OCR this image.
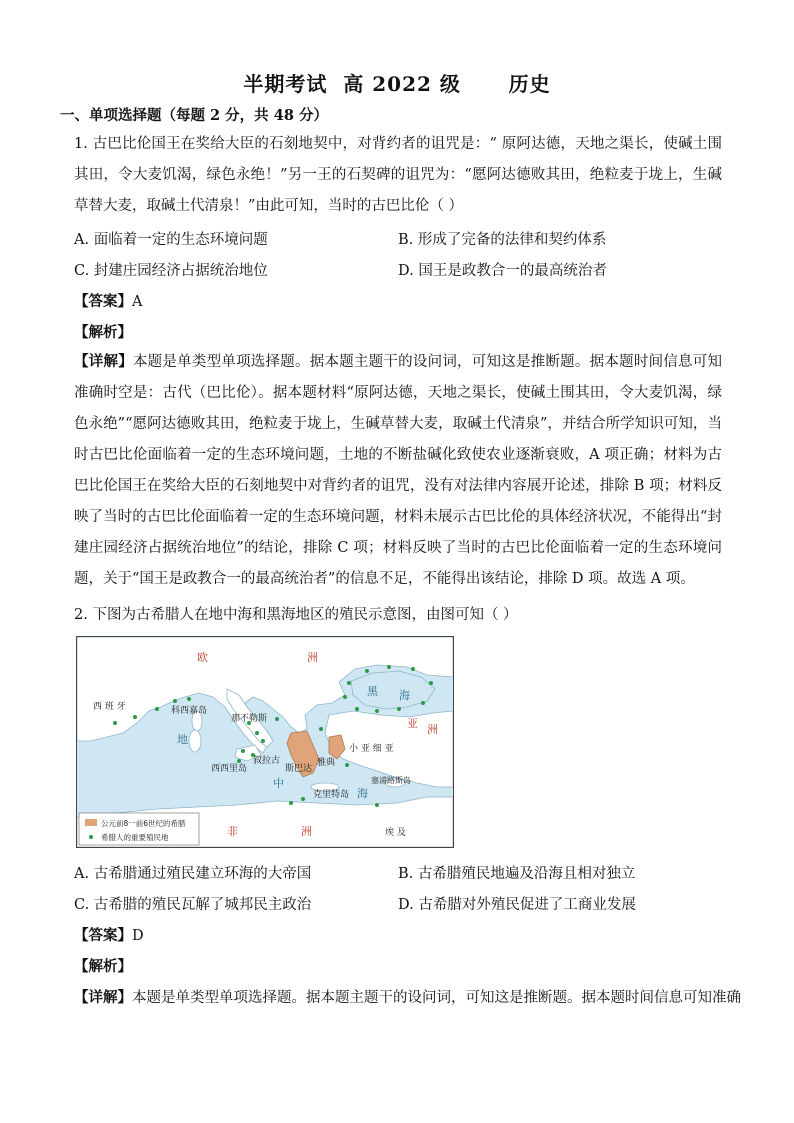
半期考试  高 2022 级      历史
一、单项选择题（每题 2 分，共 48 分）
1. 古巴比伦国王在奖给大臣的石刻地契中，对背约者的诅咒是：“ 原阿达德，天地之渠长，使碱土围其田，令大麦饥渴，绿色永绝！”另一王的石契碑的诅咒为：“愿阿达德败其田，绝粒麦于垅上，生碱草替大麦，取碱土代清泉！”由此可知，当时的古巴比伦（ ）
A. 面临着一定的生态环境问题	B. 形成了完备的法律和契约体系
C. 封建庄园经济占据统治地位	D. 国王是政教合一的最高统治者
【答案】A
【解析】
【详解】本题是单类型单项选择题。据本题主题干的设问词，可知这是推断题。据本题时间信息可知准确时空是：古代（巴比伦）。据本题材料“原阿达德，天地之渠长，使碱土围其田，令大麦饥渴，绿色永绝”“愿阿达德败其田，绝粒麦于垅上，生碱草替大麦，取碱土代清泉”，并结合所学知识可知，当时古巴比伦面临着一定的生态环境问题，土地的不断盐碱化致使农业逐渐衰败，A 项正确；材料为古巴比伦国王在奖给大臣的石刻地契中对背约者的诅咒，没有对法律内容展开论述，排除 B 项；材料反映了当时的古巴比伦面临着一定的生态环境问题，材料未展示古巴比伦的具体经济状况，不能得出“封建庄园经济占据统治地位”的结论，排除 C 项；材料反映了当时的古巴比伦面临着一定的生态环境问题，关于“国王是政教合一的最高统治者”的信息不足，不能得出该结论，排除 D 项。故选 A 项。
2. 下图为古希腊人在地中海和黑海地区的殖民示意图，由图可知（ ）
欧	洲
西 班 牙	科西嘉岛
那不勒斯
黑 海
亚 洲
地
中
海
西西里岛
叙拉古
斯巴达
雅典
小 亚 细 亚
克里特岛
塞浦路斯岛
非	洲	埃 及
公元前8一前6世纪的希腊
希腊人的重要殖民地
A. 古希腊通过殖民建立环海的大帝国	B. 古希腊殖民地遍及沿海且相对独立
C. 古希腊的殖民瓦解了城邦民主政治	D. 古希腊对外殖民促进了工商业发展
【答案】D
【解析】
【详解】本题是单类型单项选择题。据本题主题干的设问词，可知这是推断题。据本题时间信息可知准确
